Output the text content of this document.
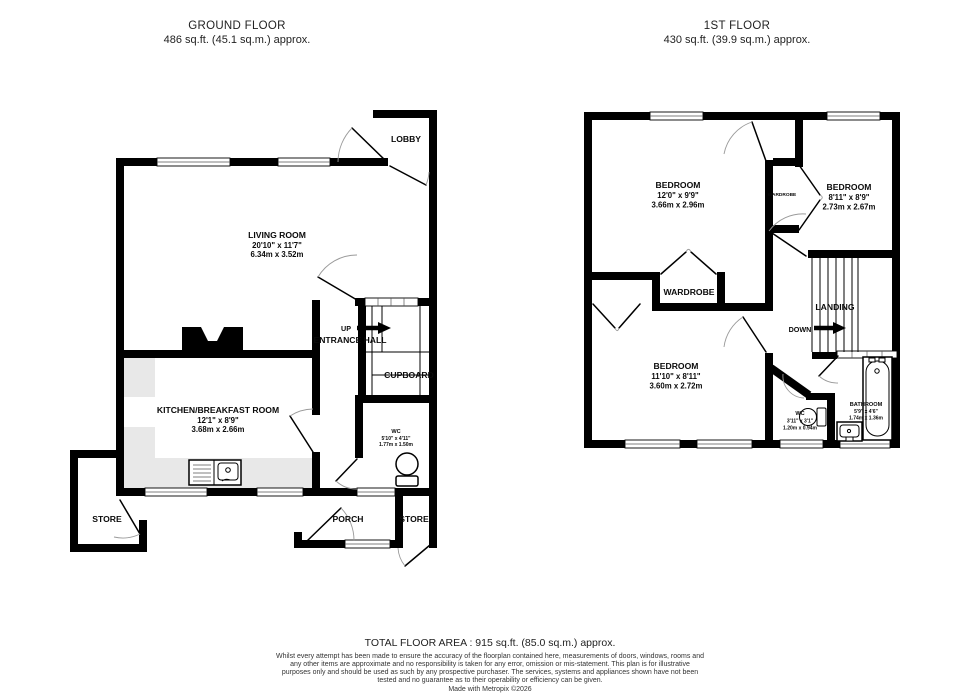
GROUND FLOOR
486 sq.ft. (45.1 sq.m.) approx.
1ST FLOOR
430 sq.ft. (39.9 sq.m.) approx.
LOBBY
LIVING ROOM
20'10" x 11'7"
6.34m x 3.52m
UP
ENTRANCE HALL
CUPBOARD
KITCHEN/BREAKFAST ROOM
12'1" x 8'9"
3.68m x 2.66m	WC
5'10" x 4'11"
1.77m x 1.50m
STORE	PORCH	STORE
BEDROOM
12'0" x 9'9"
3.66m x 2.96m
WARDROBE
BEDROOM
8'11" x 8'9"
2.73m x 2.67m
WARDROBE
LANDING
DOWN
BEDROOM
11'10" x 8'11"
3.60m x 2.72m
WC
3'11" x 3'1"
1.20m x 0.94m
BATHROOM
5'9" x 4'6"
1.74m x 1.36m
TOTAL FLOOR AREA : 915 sq.ft. (85.0 sq.m.) approx.
Whilst every attempt has been made to ensure the accuracy of the floorplan contained here, measurements of doors, windows, rooms and any other items are approximate and no responsibility is taken for any error, omission or mis-statement. This plan is for illustrative purposes only and should be used as such by any prospective purchaser. The services, systems and appliances shown have not been tested and no guarantee as to their operability or efficiency can be given.
Made with Metropix ©2026
